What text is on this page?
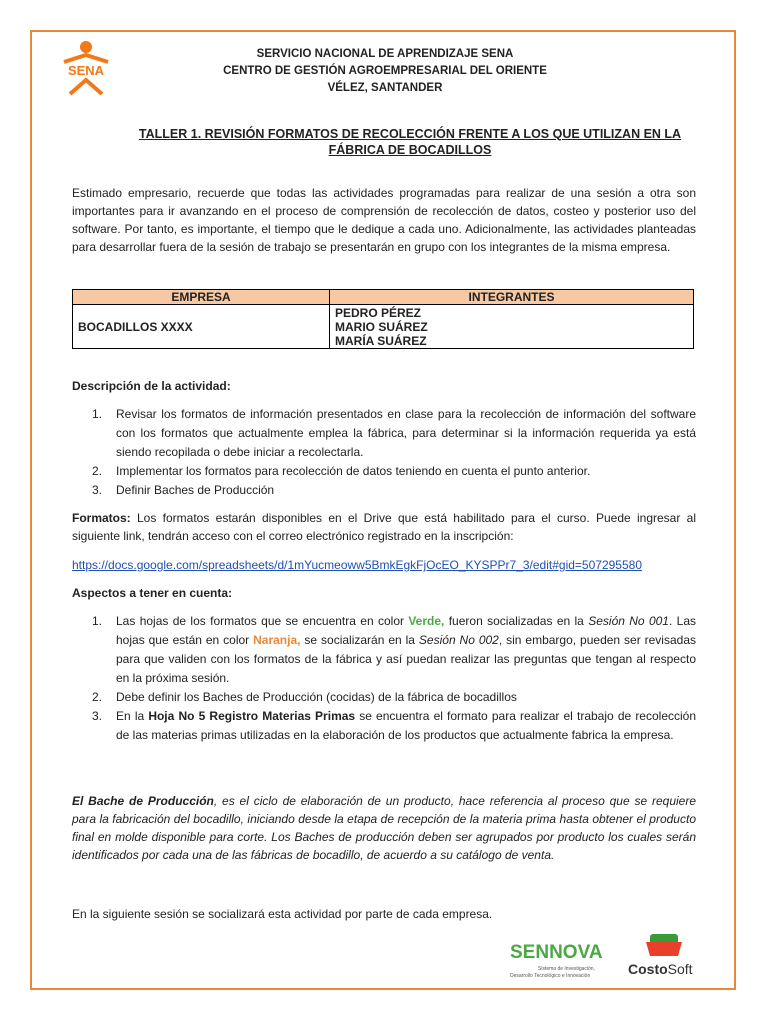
SENA
SERVICIO NACIONAL DE APRENDIZAJE SENA
CENTRO DE GESTIÓN AGROEMPRESARIAL DEL ORIENTE
VÉLEZ, SANTANDER
TALLER 1. REVISIÓN FORMATOS DE RECOLECCIÓN FRENTE A LOS QUE UTILIZAN EN LA
FÁBRICA DE BOCADILLOS
Estimado empresario, recuerde que todas las actividades programadas para realizar de una sesión a otra son importantes para ir avanzando en el proceso de comprensión de recolección de datos, costeo y posterior uso del software. Por tanto, es importante, el tiempo que le dedique a cada uno. Adicionalmente, las actividades planteadas para desarrollar fuera de la sesión de trabajo se presentarán en grupo con los integrantes de la misma empresa.
EMPRESA	INTEGRANTES
BOCADILLOS XXXX	PEDRO PÉREZ
MARIO SUÁREZ
MARÍA SUÁREZ
Descripción de la actividad:
1. Revisar los formatos de información presentados en clase para la recolección de información del software con los formatos que actualmente emplea la fábrica, para determinar si la información requerida ya está siendo recopilada o debe iniciar a recolectarla.
2. Implementar los formatos para recolección de datos teniendo en cuenta el punto anterior.
3. Definir Baches de Producción
Formatos: Los formatos estarán disponibles en el Drive que está habilitado para el curso. Puede ingresar al siguiente link, tendrán acceso con el correo electrónico registrado en la inscripción:
https://docs.google.com/spreadsheets/d/1mYucmeoww5BmkEgkFjOcEO_KYSPPr7_3/edit#gid=507295580
Aspectos a tener en cuenta:
1. Las hojas de los formatos que se encuentra en color Verde, fueron socializadas en la Sesión No 001. Las hojas que están en color Naranja, se socializarán en la Sesión No 002, sin embargo, pueden ser revisadas para que validen con los formatos de la fábrica y así puedan realizar las preguntas que tengan al respecto en la próxima sesión.
2. Debe definir los Baches de Producción (cocidas) de la fábrica de bocadillos
3. En la Hoja No 5 Registro Materias Primas se encuentra el formato para realizar el trabajo de recolección de las materias primas utilizadas en la elaboración de los productos que actualmente fabrica la empresa.
El Bache de Producción, es el ciclo de elaboración de un producto, hace referencia al proceso que se requiere para la fabricación del bocadillo, iniciando desde la etapa de recepción de la materia prima hasta obtener el producto final en molde disponible para corte. Los Baches de producción deben ser agrupados por producto los cuales serán identificados por cada una de las fábricas de bocadillo, de acuerdo a su catálogo de venta.
En la siguiente sesión se socializará esta actividad por parte de cada empresa.
SENNOVA
Sistema de Investigación,
Desarrollo Tecnológico e Innovación	CostoSoft
